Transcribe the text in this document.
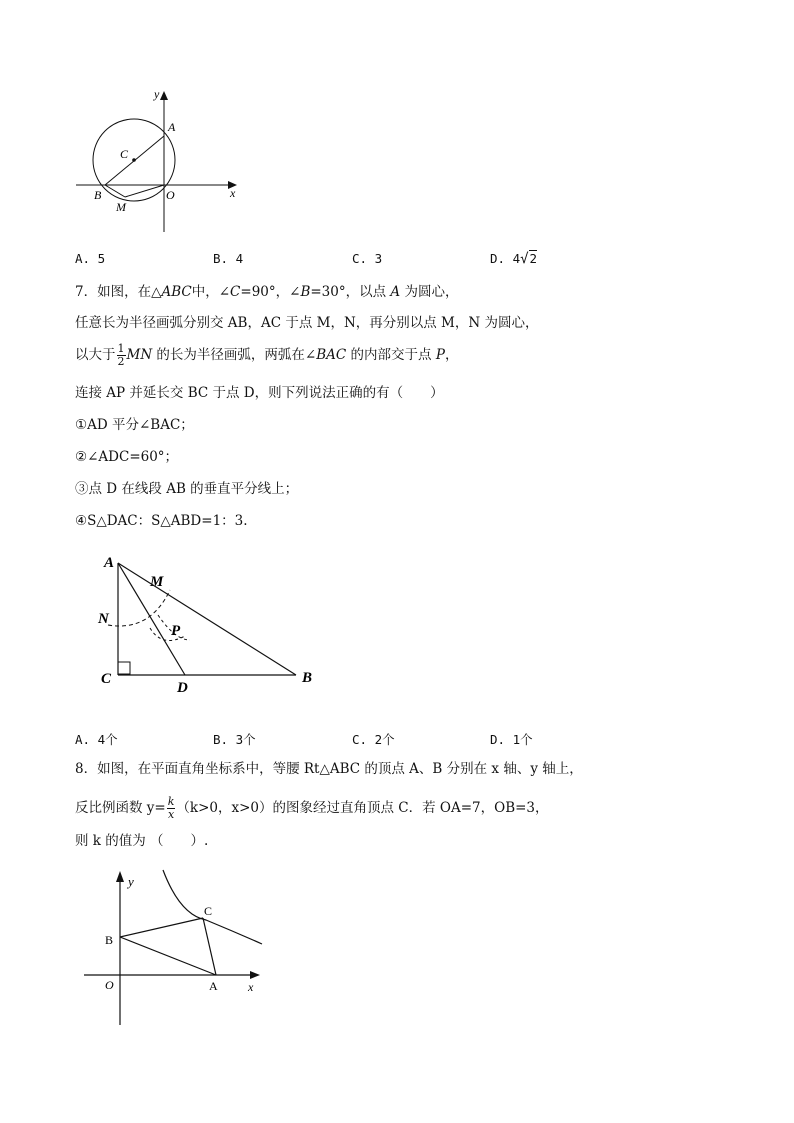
y
x
A
C
B
M
O
A. 5	B. 4	C. 3	D. 4√2
7．如图，在△ABC中，∠C=90°，∠B=30°，以点 A 为圆心，
任意长为半径画弧分别交 AB，AC 于点 M，N，再分别以点 M，N 为圆心，
以大于 $\frac{1}{2}$ MN 的长为半径画弧，两弧在∠BAC 的内部交于点 P，
连接 AP 并延长交 BC 于点 D，则下列说法正确的有（　　）
①AD 平分∠BAC；
②∠ADC=60°；
③点 D 在线段 AB 的垂直平分线上；
④S△DAC：S△ABD=1：3.
A
M
N
P
C
D
B
A. 4个	B. 3个	C. 2个	D. 1个
8．如图，在平面直角坐标系中，等腰 Rt△ABC 的顶点 A、B 分别在 x 轴、y 轴上，
反比例函数 $y= \frac{k}{x} (k>0$，x>0）的图象经过直角顶点 C．若 OA=7，OB=3，
则 k 的值为 （　　）.
y
C
B
O	A	x
